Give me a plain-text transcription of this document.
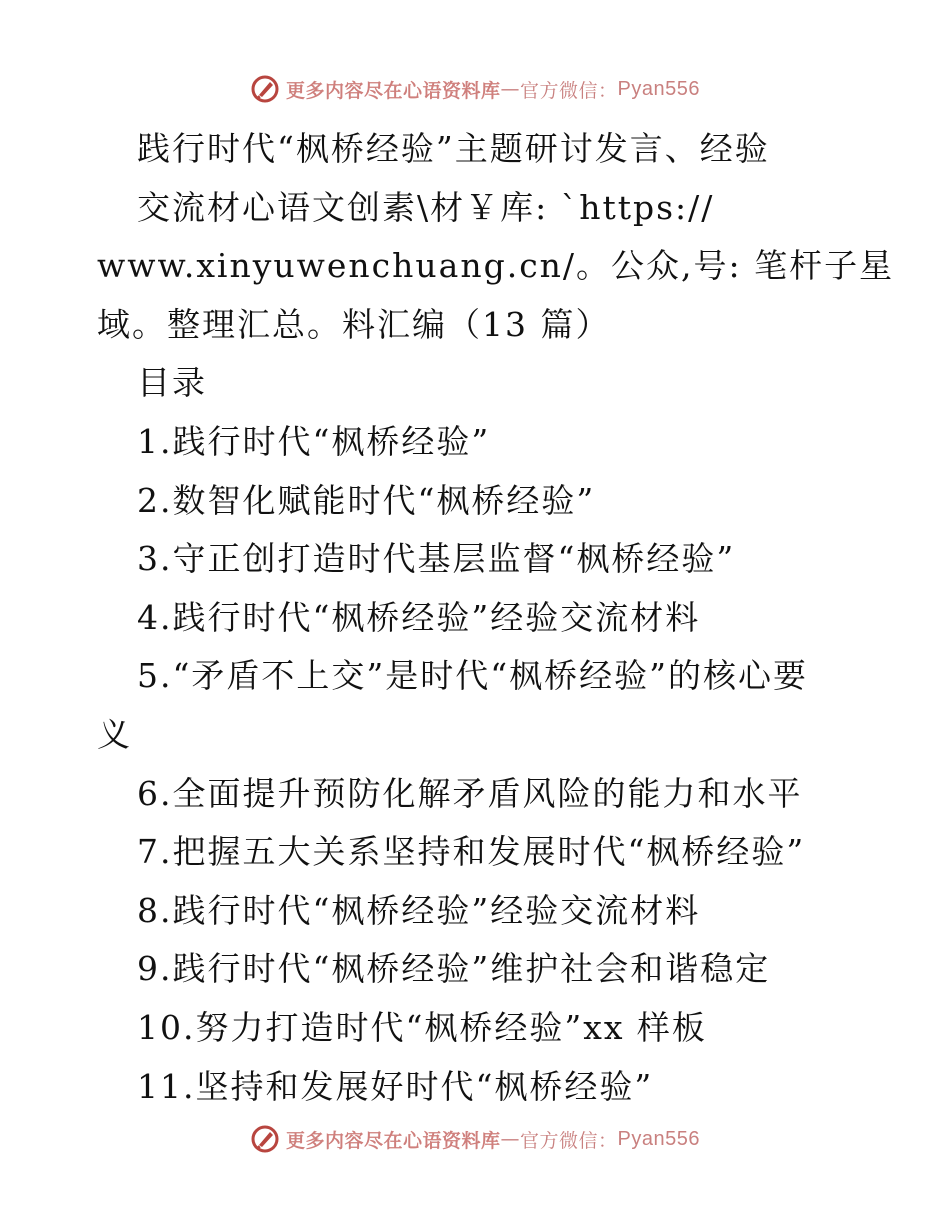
更多内容尽在心语资料库 — 官方微信： Pyan556
践行时代“枫桥经验”主题研讨发言、经验
交流材心语文创素\材￥库: `https://
www.xinyuwenchuang.cn/。公众,号: 笔杆子星
域。整理汇总。料汇编（13 篇）
目录
1.践行时代“枫桥经验”
2.数智化赋能时代“枫桥经验”
3.守正创打造时代基层监督“枫桥经验”
4.践行时代“枫桥经验”经验交流材料
5.“矛盾不上交”是时代“枫桥经验”的核心要
义
6.全面提升预防化解矛盾风险的能力和水平
7.把握五大关系坚持和发展时代“枫桥经验”
8.践行时代“枫桥经验”经验交流材料
9.践行时代“枫桥经验”维护社会和谐稳定
10.努力打造时代“枫桥经验”xx 样板
11.坚持和发展好时代“枫桥经验”
更多内容尽在心语资料库 — 官方微信： Pyan556
